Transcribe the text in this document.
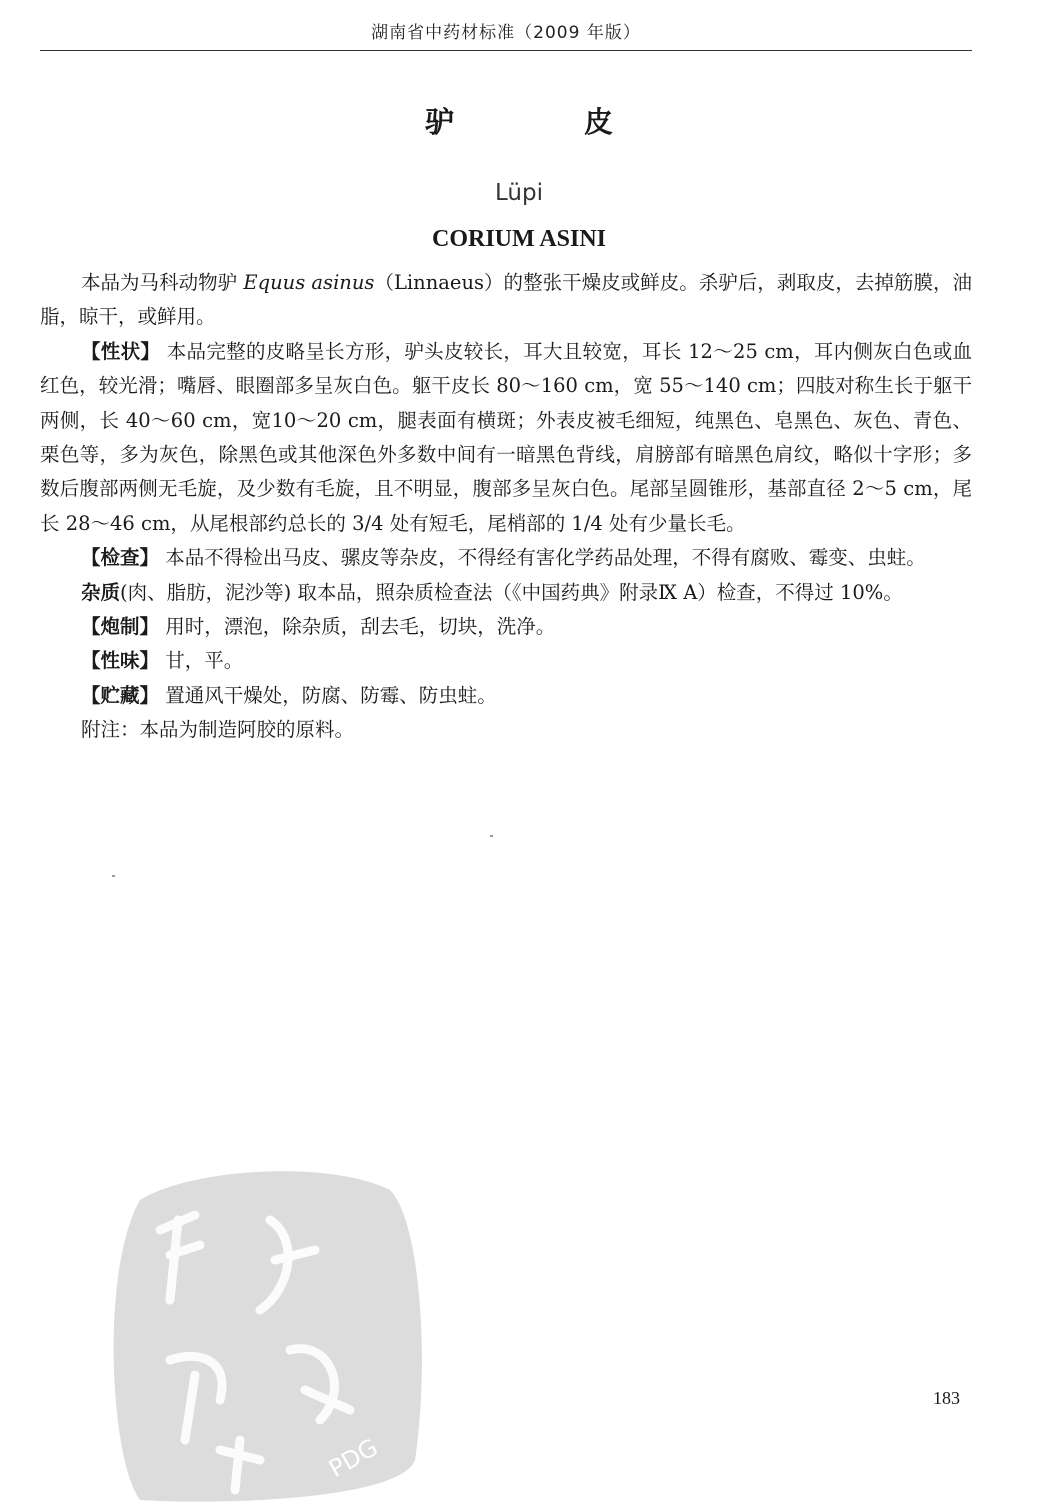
湖南省中药材标准（2009 年版）
驴 皮
Lüpi
CORIUM ASINI

本品为马科动物驴 Equus asinus（Linnaeus）的整张干燥皮或鲜皮。杀驴后，剥取皮，去掉筋膜，油脂，晾干，或鲜用。

【性状】 本品完整的皮略呈长方形，驴头皮较长，耳大且较宽，耳长 12～25 cm，耳内侧灰白色或血红色，较光滑；嘴唇、眼圈部多呈灰白色。躯干皮长 80～160 cm，宽 55～140 cm；四肢对称生长于躯干两侧，长 40～60 cm，宽10～20 cm，腿表面有横斑；外表皮被毛细短，纯黑色、皂黑色、灰色、青色、栗色等，多为灰色，除黑色或其他深色外多数中间有一暗黑色背线，肩膀部有暗黑色肩纹，略似十字形；多数后腹部两侧无毛旋，及少数有毛旋，且不明显，腹部多呈灰白色。尾部呈圆锥形，基部直径 2～5 cm，尾长 28～46 cm，从尾根部约总长的 3/4 处有短毛，尾梢部的 1/4 处有少量长毛。

【检查】 本品不得检出马皮、骡皮等杂皮，不得经有害化学药品处理，不得有腐败、霉变、虫蛀。

杂质(肉、脂肪，泥沙等) 取本品，照杂质检查法（《中国药典》附录Ⅸ A）检查，不得过 10%。

【炮制】 用时，漂泡，除杂质，刮去毛，切块，洗净。

【性味】 甘，平。

【贮藏】 置通风干燥处，防腐、防霉、防虫蛀。

附注：本品为制造阿胶的原料。

PDG
183
